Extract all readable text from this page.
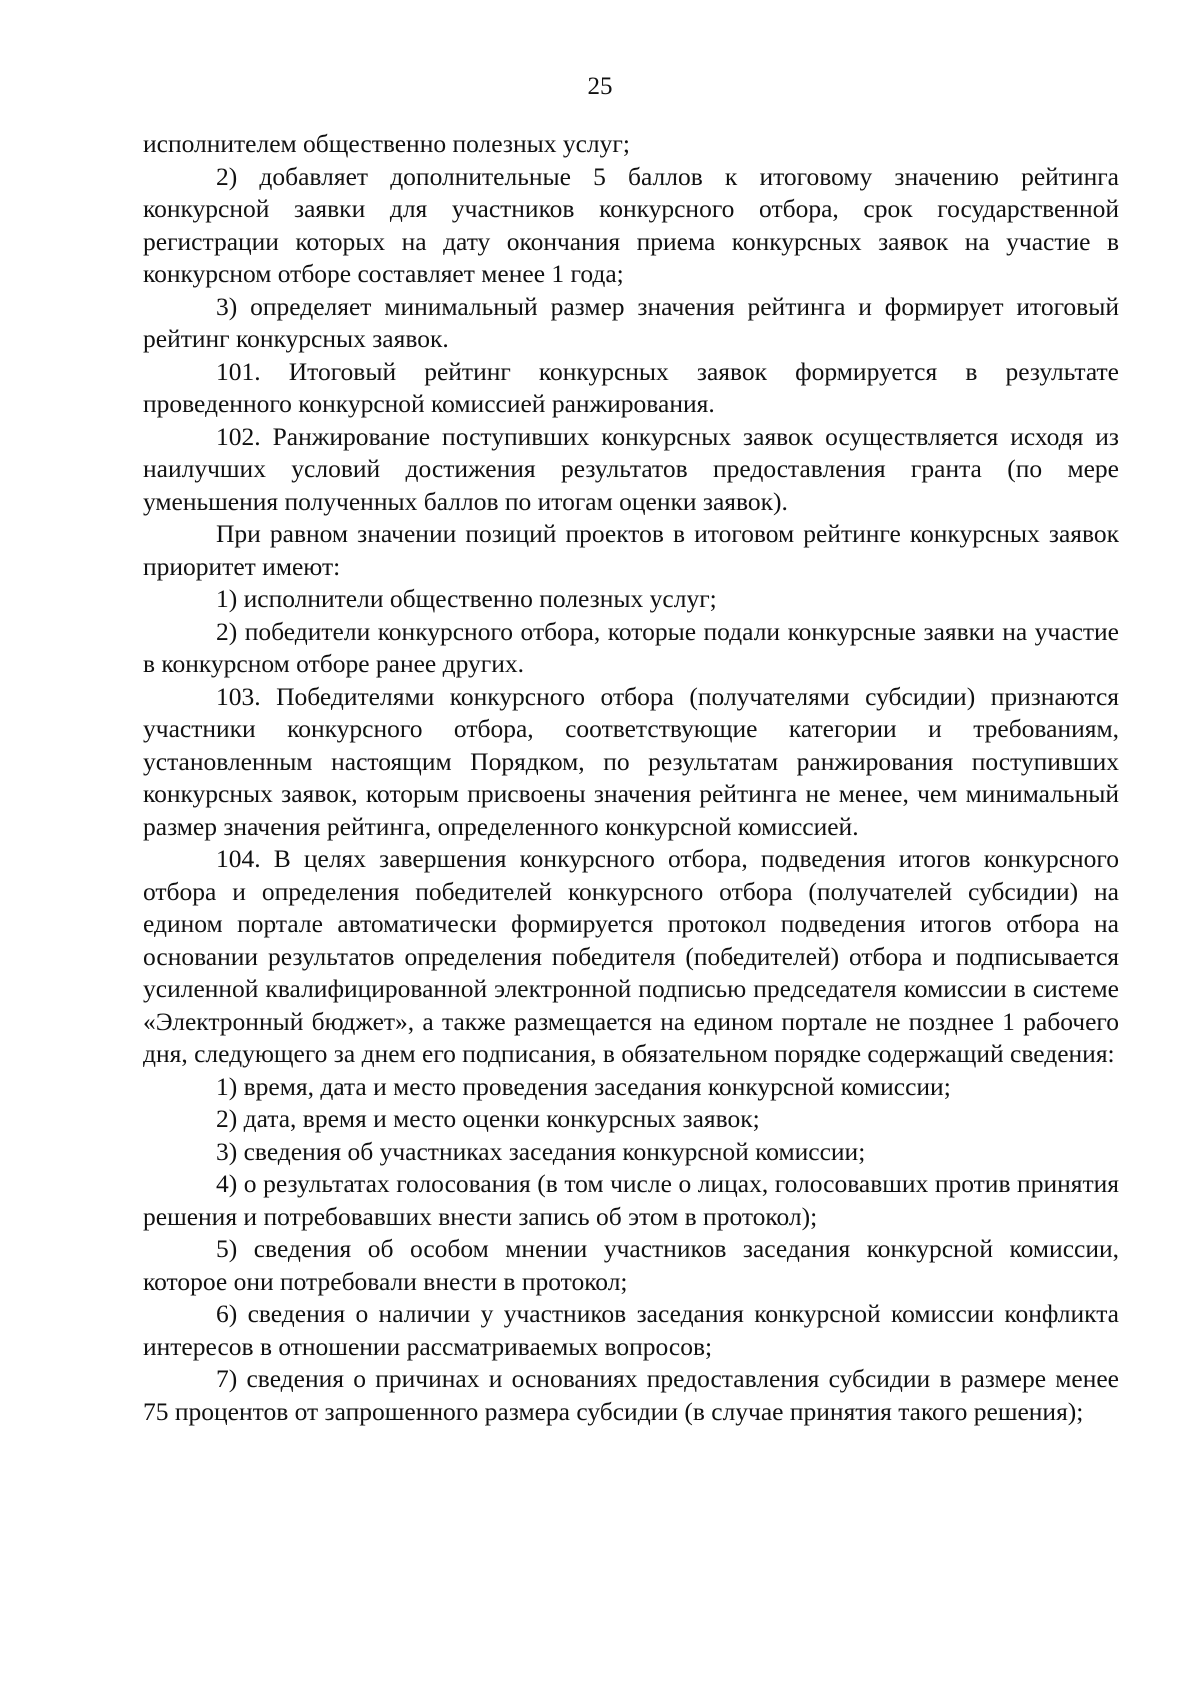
25

исполнителем общественно полезных услуг;

2) добавляет дополнительные 5 баллов к итоговому значению рейтинга конкурсной заявки для участников конкурсного отбора, срок государственной регистрации которых на дату окончания приема конкурсных заявок на участие в конкурсном отборе составляет менее 1 года;

3) определяет минимальный размер значения рейтинга и формирует итоговый рейтинг конкурсных заявок.

101. Итоговый рейтинг конкурсных заявок формируется в результате проведенного конкурсной комиссией ранжирования.

102. Ранжирование поступивших конкурсных заявок осуществляется исходя из наилучших условий достижения результатов предоставления гранта (по мере уменьшения полученных баллов по итогам оценки заявок).

При равном значении позиций проектов в итоговом рейтинге конкурсных заявок приоритет имеют:

1) исполнители общественно полезных услуг;

2) победители конкурсного отбора, которые подали конкурсные заявки на участие в конкурсном отборе ранее других.

103. Победителями конкурсного отбора (получателями субсидии) признаются участники конкурсного отбора, соответствующие категории и требованиям, установленным настоящим Порядком, по результатам ранжирования поступивших конкурсных заявок, которым присвоены значения рейтинга не менее, чем минимальный размер значения рейтинга, определенного конкурсной комиссией.

104. В целях завершения конкурсного отбора, подведения итогов конкурсного отбора и определения победителей конкурсного отбора (получателей субсидии) на едином портале автоматически формируется протокол подведения итогов отбора на основании результатов определения победителя (победителей) отбора и подписывается усиленной квалифицированной электронной подписью председателя комиссии в системе «Электронный бюджет», а также размещается на едином портале не позднее 1 рабочего дня, следующего за днем его подписания, в обязательном порядке содержащий сведения:

1) время, дата и место проведения заседания конкурсной комиссии;

2) дата, время и место оценки конкурсных заявок;

3) сведения об участниках заседания конкурсной комиссии;

4) о результатах голосования (в том числе о лицах, голосовавших против принятия решения и потребовавших внести запись об этом в протокол);

5) сведения об особом мнении участников заседания конкурсной комиссии, которое они потребовали внести в протокол;

6) сведения о наличии у участников заседания конкурсной комиссии конфликта интересов в отношении рассматриваемых вопросов;

7) сведения о причинах и основаниях предоставления субсидии в размере менее 75 процентов от запрошенного размера субсидии (в случае принятия такого решения);
